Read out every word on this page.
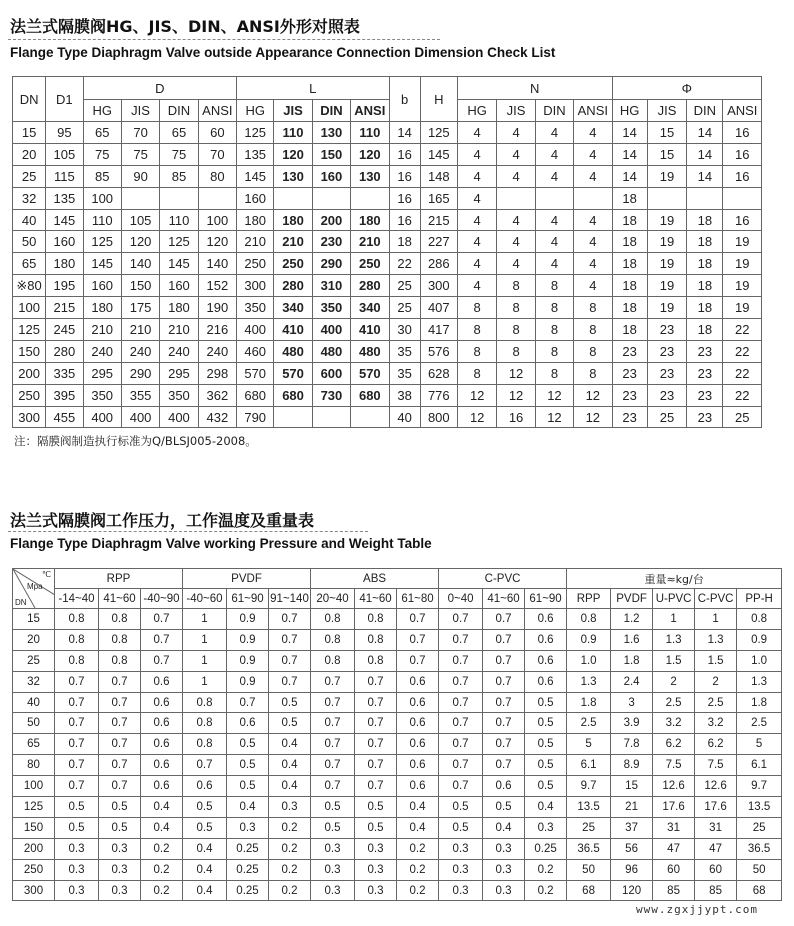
法兰式隔膜阀HG、JIS、DIN、ANSI外形对照表
Flange Type Diaphragm Valve outside Appearance Connection Dimension Check List
DN	D1	D				L				b	H	N				Φ			
		HG	JIS	DIN	ANSI	HG	JIS	DIN	ANSI			HG	JIS	DIN	ANSI	HG	JIS	DIN	ANSI
15	95	65	70	65	60	125	110	130	110	14	125	4	4	4	4	14	15	14	16
20	105	75	75	75	70	135	120	150	120	16	145	4	4	4	4	14	15	14	16
25	115	85	90	85	80	145	130	160	130	16	148	4	4	4	4	14	19	14	16
32	135	100				160				16	165	4				18			
40	145	110	105	110	100	180	180	200	180	16	215	4	4	4	4	18	19	18	16
50	160	125	120	125	120	210	210	230	210	18	227	4	4	4	4	18	19	18	19
65	180	145	140	145	140	250	250	290	250	22	286	4	4	4	4	18	19	18	19
※80	195	160	150	160	152	300	280	310	280	25	300	4	8	8	4	18	19	18	19
100	215	180	175	180	190	350	340	350	340	25	407	8	8	8	8	18	19	18	19
125	245	210	210	210	216	400	410	400	410	30	417	8	8	8	8	18	23	18	22
150	280	240	240	240	240	460	480	480	480	35	576	8	8	8	8	23	23	23	22
200	335	295	290	295	298	570	570	600	570	35	628	8	12	8	8	23	23	23	22
250	395	350	355	350	362	680	680	730	680	38	776	12	12	12	12	23	23	23	22
300	455	400	400	400	432	790				40	800	12	16	12	12	23	25	23	25
注：隔膜阀制造执行标准为Q/BLSJ005-2008。
法兰式隔膜阀工作压力，工作温度及重量表
Flange Type Diaphragm Valve working Pressure and Weight Table
℃
Mpa
DN	RPP			PVDF			ABS			C-PVC			重量≈kg/台				
	-14~40	41~60	-40~90	-40~60	61~90	91~140	20~40	41~60	61~80	0~40	41~60	61~90	RPP	PVDF	U-PVC	C-PVC	PP-H
15	0.8	0.8	0.7	1	0.9	0.7	0.8	0.8	0.7	0.7	0.7	0.6	0.8	1.2	1	1	0.8
20	0.8	0.8	0.7	1	0.9	0.7	0.8	0.8	0.7	0.7	0.7	0.6	0.9	1.6	1.3	1.3	0.9
25	0.8	0.8	0.7	1	0.9	0.7	0.8	0.8	0.7	0.7	0.7	0.6	1.0	1.8	1.5	1.5	1.0
32	0.7	0.7	0.6	1	0.9	0.7	0.7	0.7	0.6	0.7	0.7	0.6	1.3	2.4	2	2	1.3
40	0.7	0.7	0.6	0.8	0.7	0.5	0.7	0.7	0.6	0.7	0.7	0.5	1.8	3	2.5	2.5	1.8
50	0.7	0.7	0.6	0.8	0.6	0.5	0.7	0.7	0.6	0.7	0.7	0.5	2.5	3.9	3.2	3.2	2.5
65	0.7	0.7	0.6	0.8	0.5	0.4	0.7	0.7	0.6	0.7	0.7	0.5	5	7.8	6.2	6.2	5
80	0.7	0.7	0.6	0.7	0.5	0.4	0.7	0.7	0.6	0.7	0.7	0.5	6.1	8.9	7.5	7.5	6.1
100	0.7	0.7	0.6	0.6	0.5	0.4	0.7	0.7	0.6	0.7	0.6	0.5	9.7	15	12.6	12.6	9.7
125	0.5	0.5	0.4	0.5	0.4	0.3	0.5	0.5	0.4	0.5	0.5	0.4	13.5	21	17.6	17.6	13.5
150	0.5	0.5	0.4	0.5	0.3	0.2	0.5	0.5	0.4	0.5	0.4	0.3	25	37	31	31	25
200	0.3	0.3	0.2	0.4	0.25	0.2	0.3	0.3	0.2	0.3	0.3	0.25	36.5	56	47	47	36.5
250	0.3	0.3	0.2	0.4	0.25	0.2	0.3	0.3	0.2	0.3	0.3	0.2	50	96	60	60	50
300	0.3	0.3	0.2	0.4	0.25	0.2	0.3	0.3	0.2	0.3	0.3	0.2	68	120	85	85	68
www.zgxjjypt.com
